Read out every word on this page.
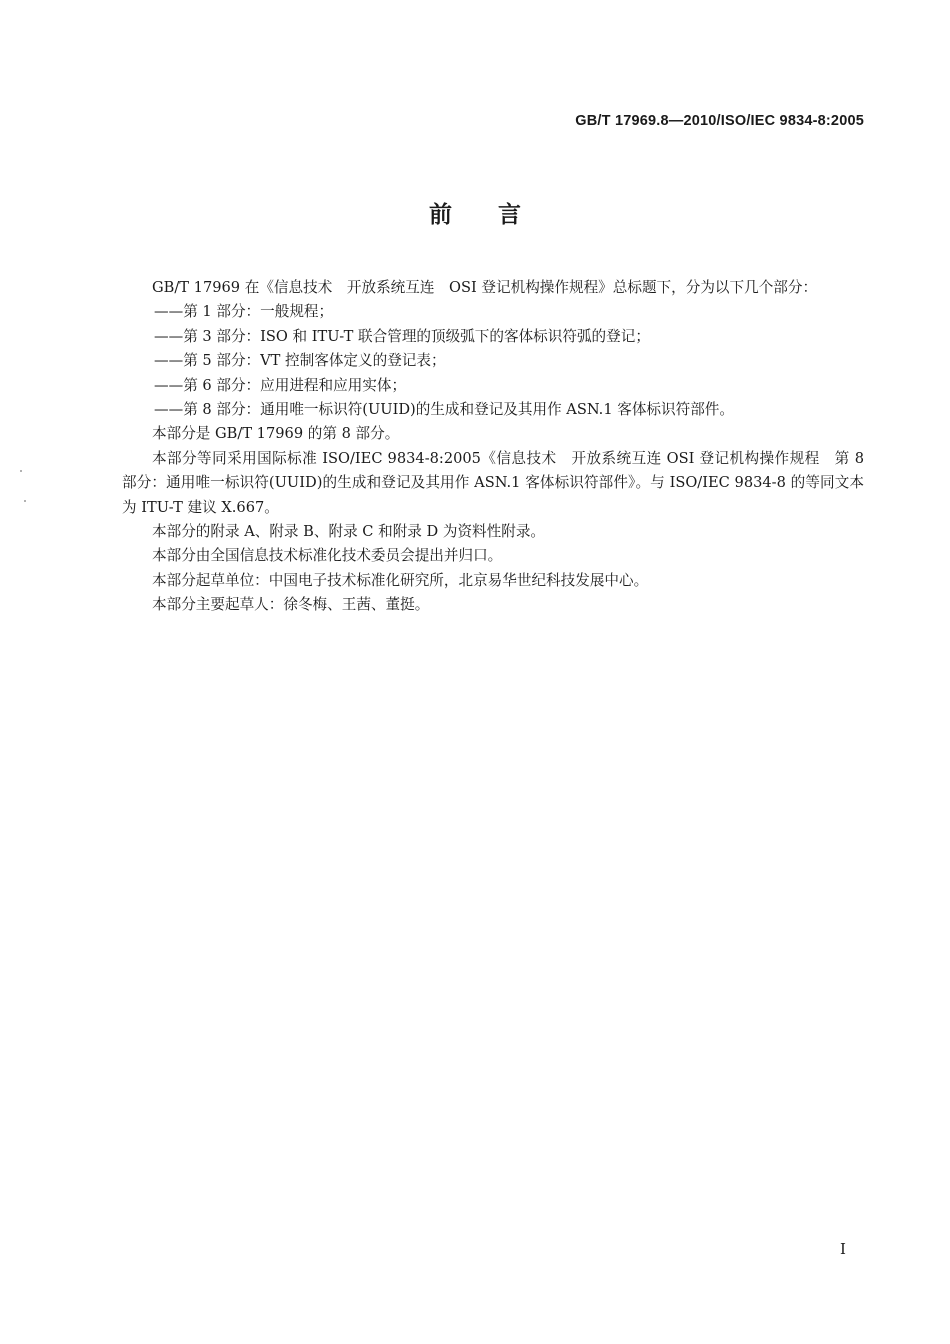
GB/T 17969.8—2010/ISO/IEC 9834-8:2005
前言

GB/T 17969 在《信息技术　开放系统互连　OSI 登记机构操作规程》总标题下，分为以下几个部分：

——第 1 部分：一般规程；

——第 3 部分：ISO 和 ITU-T 联合管理的顶级弧下的客体标识符弧的登记；

——第 5 部分：VT 控制客体定义的登记表；

——第 6 部分：应用进程和应用实体；

——第 8 部分：通用唯一标识符(UUID)的生成和登记及其用作 ASN.1 客体标识符部件。

本部分是 GB/T 17969 的第 8 部分。

本部分等同采用国际标准 ISO/IEC 9834-8:2005《信息技术　开放系统互连 OSI 登记机构操作规程　第 8 部分：通用唯一标识符(UUID)的生成和登记及其用作 ASN.1 客体标识符部件》。与 ISO/IEC 9834-8 的等同文本为 ITU-T 建议 X.667。

本部分的附录 A、附录 B、附录 C 和附录 D 为资料性附录。

本部分由全国信息技术标准化技术委员会提出并归口。

本部分起草单位：中国电子技术标准化研究所，北京易华世纪科技发展中心。

本部分主要起草人：徐冬梅、王茜、董挺。

I
